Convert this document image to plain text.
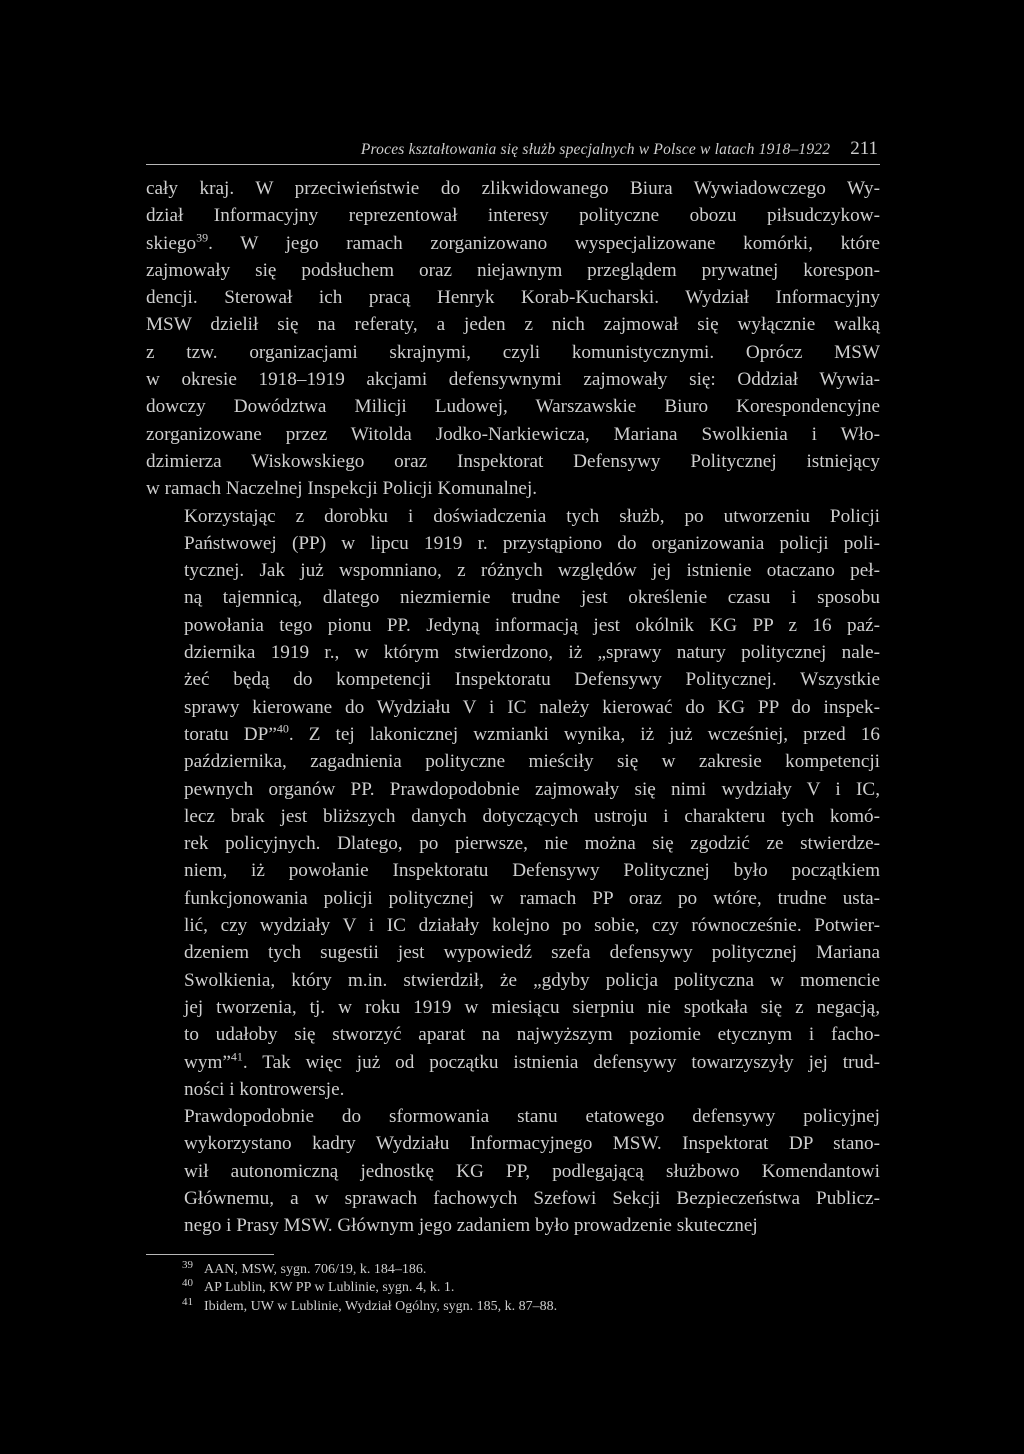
Proces kształtowania się służb specjalnych w Polsce w latach 1918–1922 211

cały kraj. W przeciwieństwie do zlikwidowanego Biura Wywiadowczego Wy-
dział Informacyjny reprezentował interesy polityczne obozu piłsudczykow-
skiego$^{39}$. W jego ramach zorganizowano wyspecjalizowane komórki, które
zajmowały się podsłuchem oraz niejawnym przeglądem prywatnej korespon-
dencji. Sterował ich pracą Henryk Korab-Kucharski. Wydział Informacyjny
MSW dzielił się na referaty, a jeden z nich zajmował się wyłącznie walką
z tzw. organizacjami skrajnymi, czyli komunistycznymi. Oprócz MSW
w okresie 1918–1919 akcjami defensywnymi zajmowały się: Oddział Wywia-
dowczy Dowództwa Milicji Ludowej, Warszawskie Biuro Korespondencyjne
zorganizowane przez Witolda Jodko-Narkiewicza, Mariana Swolkienia i Wło-
dzimierza Wiskowskiego oraz Inspektorat Defensywy Politycznej istniejący
w ramach Naczelnej Inspekcji Policji Komunalnej.

Korzystając z dorobku i doświadczenia tych służb, po utworzeniu Policji
Państwowej (PP) w lipcu 1919 r. przystąpiono do organizowania policji poli-
tycznej. Jak już wspomniano, z różnych względów jej istnienie otaczano peł-
ną tajemnicą, dlatego niezmiernie trudne jest określenie czasu i sposobu
powołania tego pionu PP. Jedyną informacją jest okólnik KG PP z 16 paź-
dziernika 1919 r., w którym stwierdzono, iż „sprawy natury politycznej nale-
żeć będą do kompetencji Inspektoratu Defensywy Politycznej. Wszystkie
sprawy kierowane do Wydziału V i IC należy kierować do KG PP do inspek-
toratu DP”$^{40}$. Z tej lakonicznej wzmianki wynika, iż już wcześniej, przed 16
października, zagadnienia polityczne mieściły się w zakresie kompetencji
pewnych organów PP. Prawdopodobnie zajmowały się nimi wydziały V i IC,
lecz brak jest bliższych danych dotyczących ustroju i charakteru tych komó-
rek policyjnych. Dlatego, po pierwsze, nie można się zgodzić ze stwierdze-
niem, iż powołanie Inspektoratu Defensywy Politycznej było początkiem
funkcjonowania policji politycznej w ramach PP oraz po wtóre, trudne usta-
lić, czy wydziały V i IC działały kolejno po sobie, czy równocześnie. Potwier-
dzeniem tych sugestii jest wypowiedź szefa defensywy politycznej Mariana
Swolkienia, który m.in. stwierdził, że „gdyby policja polityczna w momencie
jej tworzenia, tj. w roku 1919 w miesiącu sierpniu nie spotkała się z negacją,
to udałoby się stworzyć aparat na najwyższym poziomie etycznym i facho-
wym”$^{41}$. Tak więc już od początku istnienia defensywy towarzyszyły jej trud-
ności i kontrowersje.

Prawdopodobnie do sformowania stanu etatowego defensywy policyjnej
wykorzystano kadry Wydziału Informacyjnego MSW. Inspektorat DP stano-
wił autonomiczną jednostkę KG PP, podlegającą służbowo Komendantowi
Głównemu, a w sprawach fachowych Szefowi Sekcji Bezpieczeństwa Publicz-
nego i Prasy MSW. Głównym jego zadaniem było prowadzenie skutecznej

39 AAN, MSW, sygn. 706/19, k. 184–186.
40 AP Lublin, KW PP w Lublinie, sygn. 4, k. 1.
41 Ibidem, UW w Lublinie, Wydział Ogólny, sygn. 185, k. 87–88.
